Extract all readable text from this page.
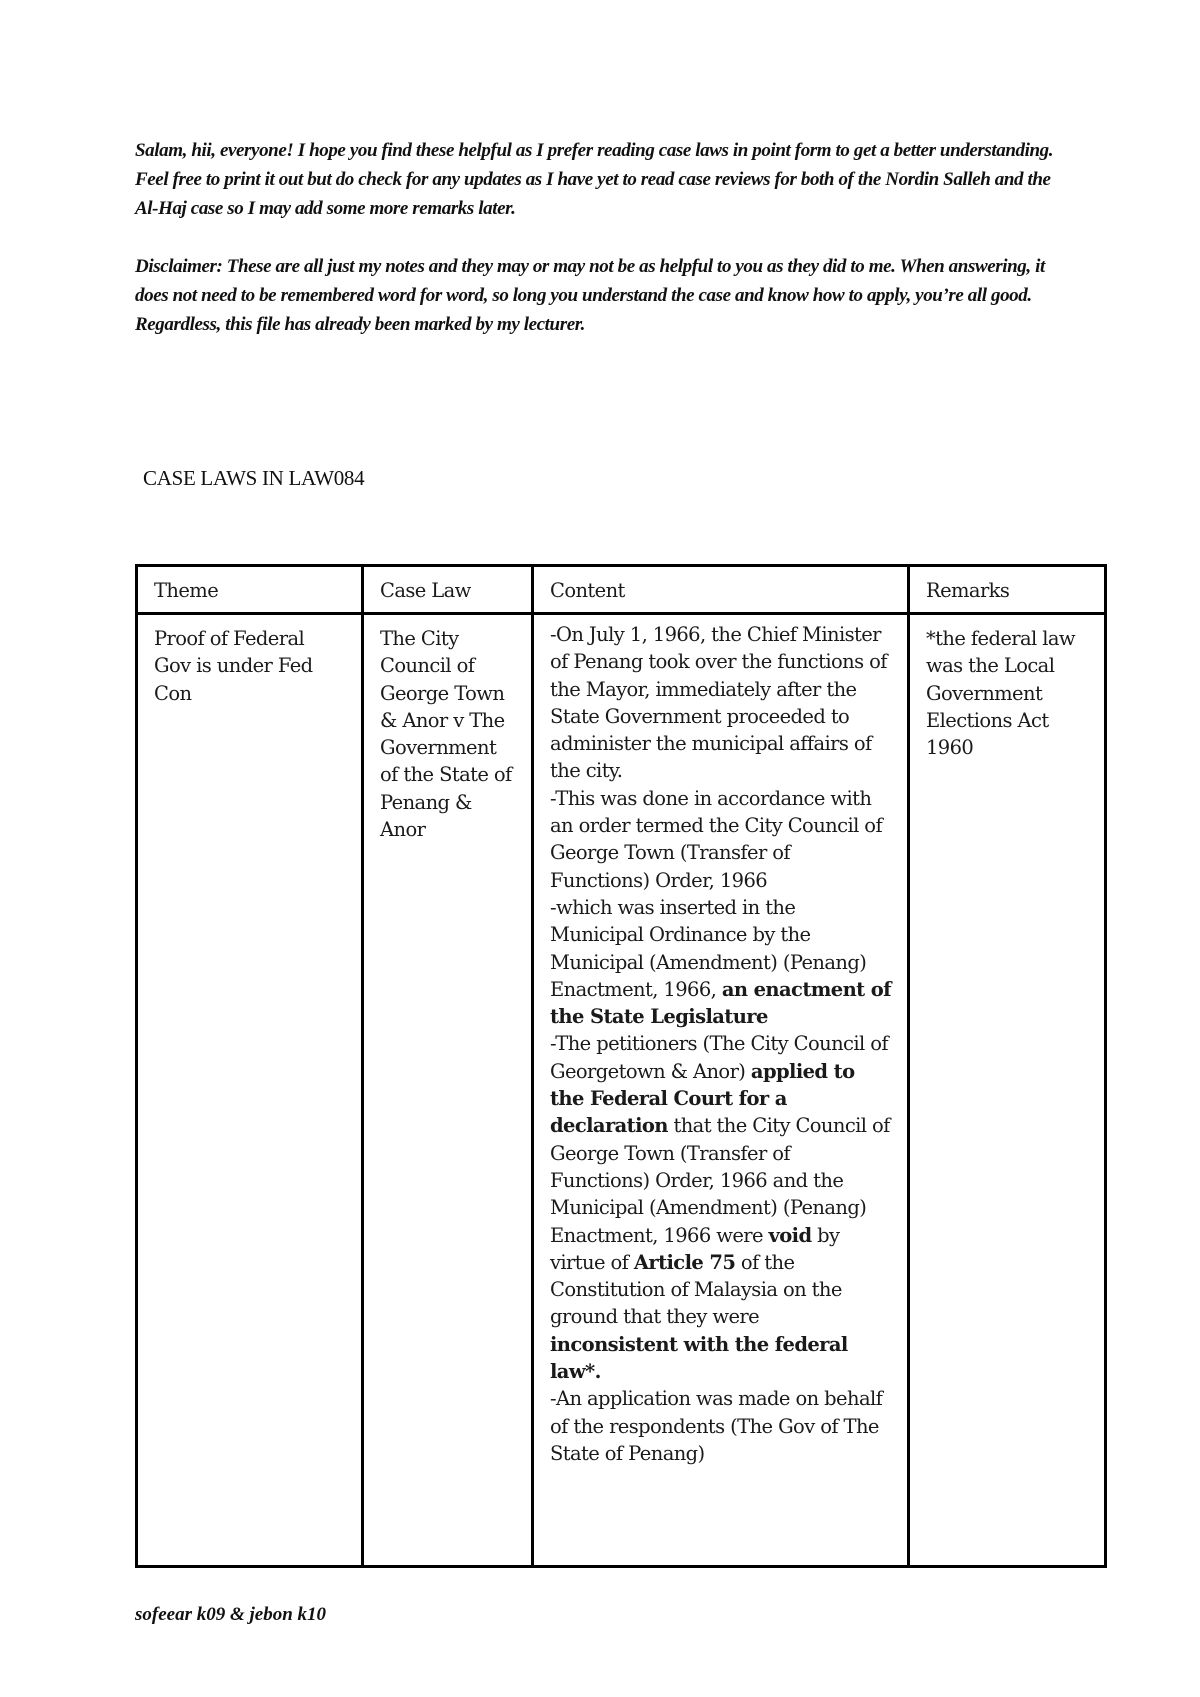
Salam, hii, everyone! I hope you find these helpful as I prefer reading case laws in point form to get a better understanding. Feel free to print it out but do check for any updates as I have yet to read case reviews for both of the Nordin Salleh and the Al-Haj case so I may add some more remarks later.

Disclaimer: These are all just my notes and they may or may not be as helpful to you as they did to me. When answering, it does not need to be remembered word for word, so long you understand the case and know how to apply, you’re all good. Regardless, this file has already been marked by my lecturer.

CASE LAWS IN LAW084
Theme	Case Law	Content	Remarks
Proof of Federal Gov is under Fed Con	The City Council of George Town & Anor v The Government of the State of Penang & Anor	-On July 1, 1966, the Chief Minister of Penang took over the functions of the Mayor, immediately after the State Government proceeded to administer the municipal affairs of the city.
-This was done in accordance with an order termed the City Council of George Town (Transfer of Functions) Order, 1966
-which was inserted in the Municipal Ordinance by the Municipal (Amendment) (Penang) Enactment, 1966, an enactment of the State Legislature
-The petitioners (The City Council of Georgetown & Anor) applied to the Federal Court for a declaration that the City Council of George Town (Transfer of Functions) Order, 1966 and the Municipal (Amendment) (Penang) Enactment, 1966 were void by virtue of Article 75 of the Constitution of Malaysia on the ground that they were inconsistent with the federal law*.
-An application was made on behalf of the respondents (The Gov of The State of Penang)	*the federal law was the Local Government Elections Act 1960

sofeear k09 & jebon k10
